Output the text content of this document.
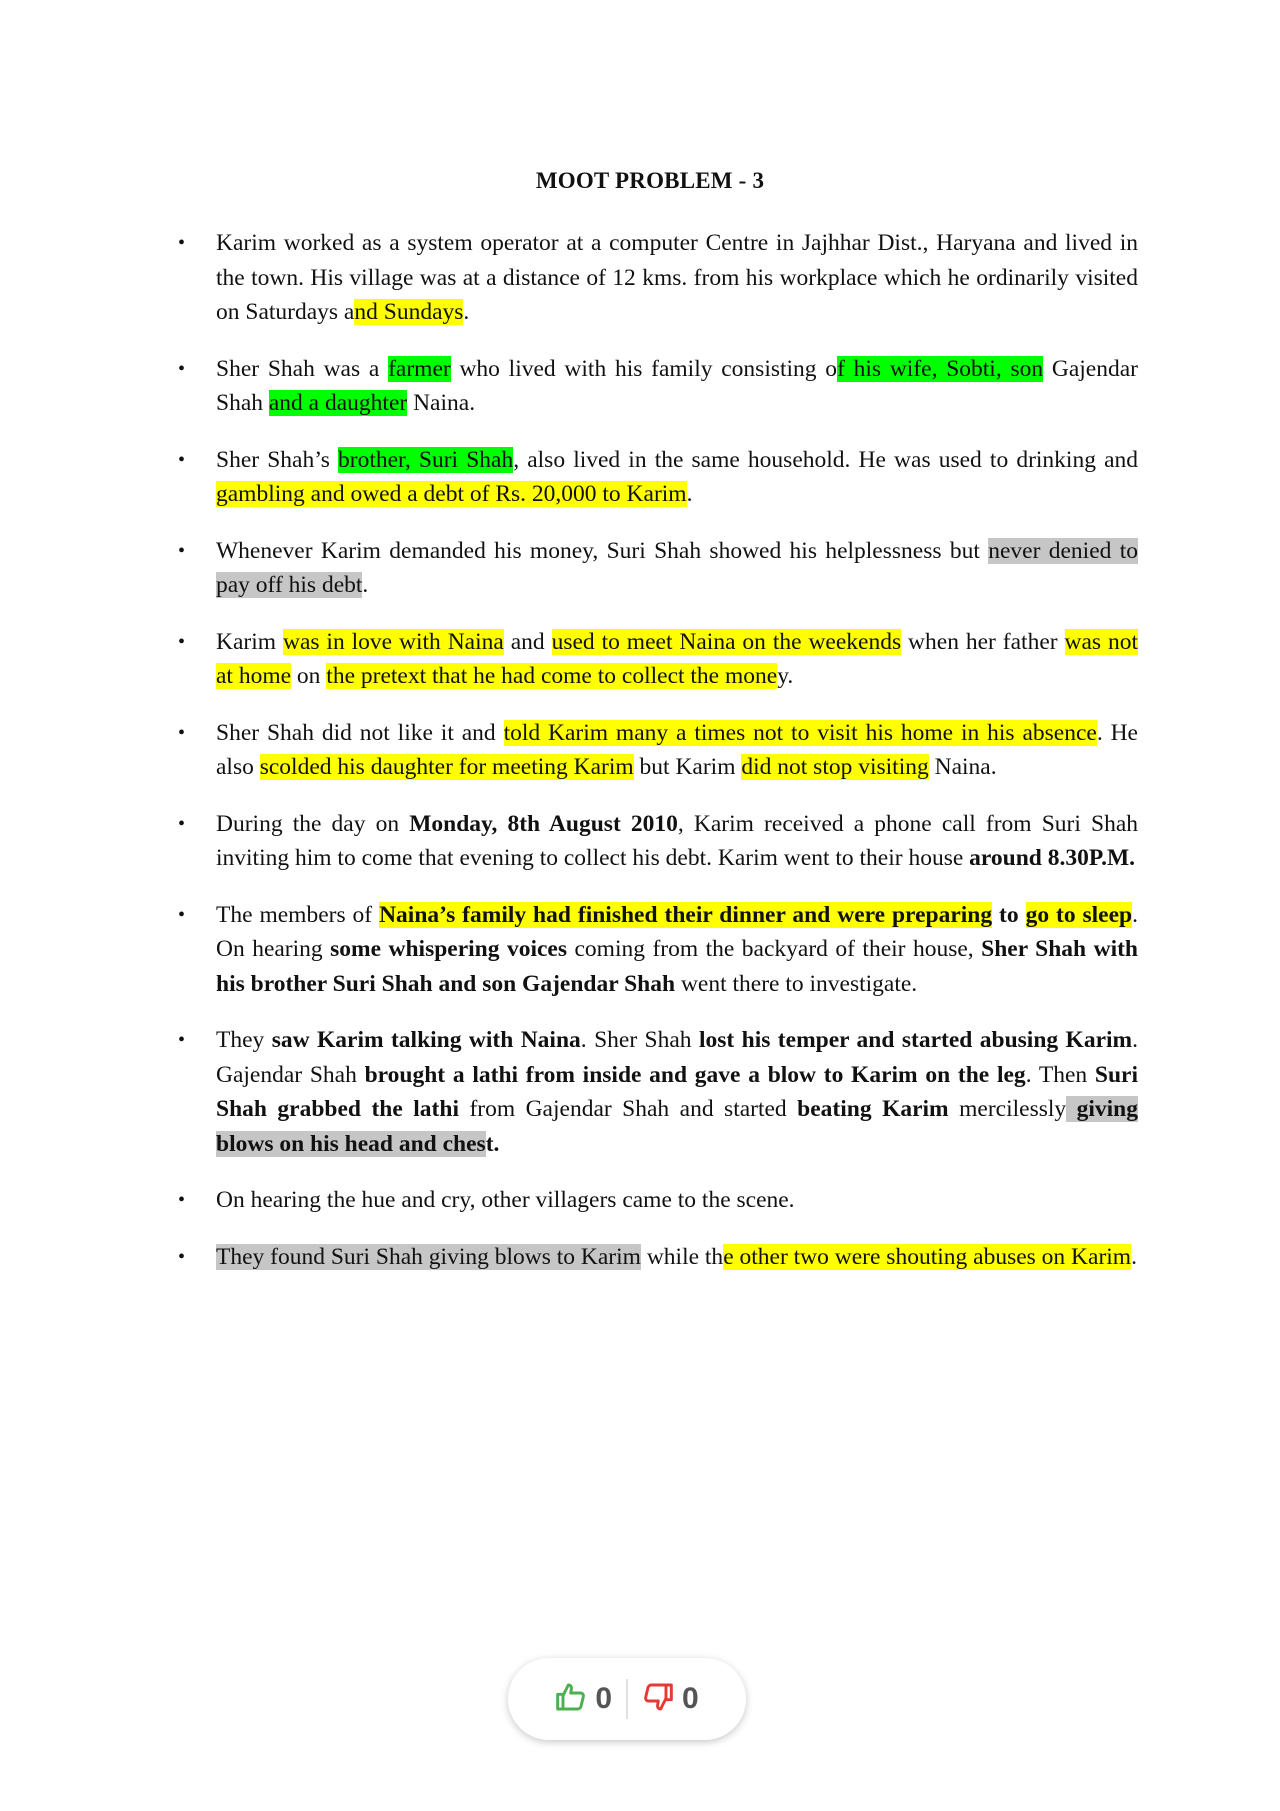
MOOT PROBLEM - 3
• Karim worked as a system operator at a computer Centre in Jajhhar Dist., Haryana and lived in the town. His village was at a distance of 12 kms. from his workplace which he ordinarily visited on Saturdays and Sundays.
• Sher Shah was a farmer who lived with his family consisting of his wife, Sobti, son Gajendar Shah and a daughter Naina.
• Sher Shah’s brother, Suri Shah, also lived in the same household. He was used to drinking and gambling and owed a debt of Rs. 20,000 to Karim.
• Whenever Karim demanded his money, Suri Shah showed his helplessness but never denied to pay off his debt.
• Karim was in love with Naina and used to meet Naina on the weekends when her father was not at home on the pretext that he had come to collect the money.
• Sher Shah did not like it and told Karim many a times not to visit his home in his absence. He also scolded his daughter for meeting Karim but Karim did not stop visiting Naina.
• During the day on Monday, 8th August 2010, Karim received a phone call from Suri Shah inviting him to come that evening to collect his debt. Karim went to their house around 8.30P.M.
• The members of Naina’s family had finished their dinner and were preparing to go to sleep. On hearing some whispering voices coming from the backyard of their house, Sher Shah with his brother Suri Shah and son Gajendar Shah went there to investigate.
• They saw Karim talking with Naina. Sher Shah lost his temper and started abusing Karim. Gajendar Shah brought a lathi from inside and gave a blow to Karim on the leg. Then Suri Shah grabbed the lathi from Gajendar Shah and started beating Karim mercilessly giving blows on his head and chest.
• On hearing the hue and cry, other villagers came to the scene.
• They found Suri Shah giving blows to Karim while the other two were shouting abuses on Karim.
0 0
